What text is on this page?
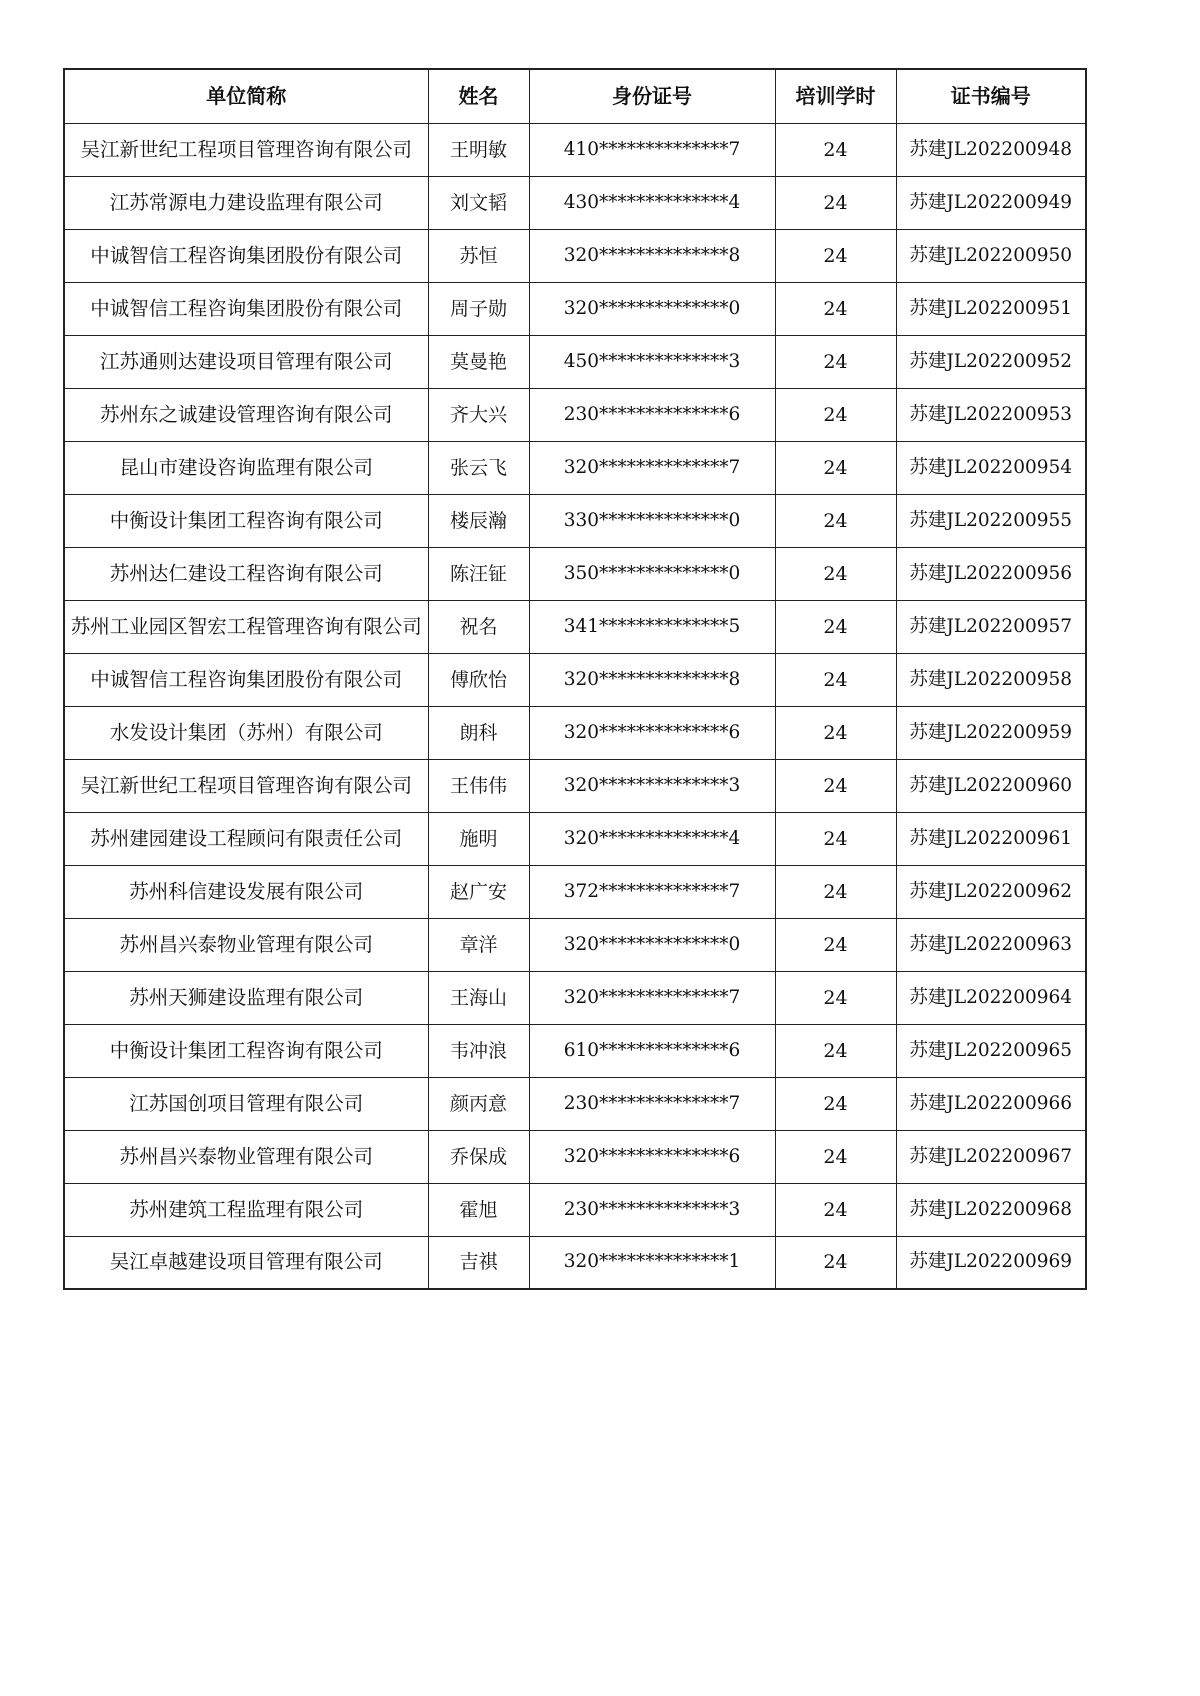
单位简称	姓名	身份证号	培训学时	证书编号
吴江新世纪工程项目管理咨询有限公司	王明敏	410**************7	24	苏建JL202200948
江苏常源电力建设监理有限公司	刘文韬	430**************4	24	苏建JL202200949
中诚智信工程咨询集团股份有限公司	苏恒	320**************8	24	苏建JL202200950
中诚智信工程咨询集团股份有限公司	周子勋	320**************0	24	苏建JL202200951
江苏通则达建设项目管理有限公司	莫曼艳	450**************3	24	苏建JL202200952
苏州东之诚建设管理咨询有限公司	齐大兴	230**************6	24	苏建JL202200953
昆山市建设咨询监理有限公司	张云飞	320**************7	24	苏建JL202200954
中衡设计集团工程咨询有限公司	楼辰瀚	330**************0	24	苏建JL202200955
苏州达仁建设工程咨询有限公司	陈汪钲	350**************0	24	苏建JL202200956
苏州工业园区智宏工程管理咨询有限公司	祝名	341**************5	24	苏建JL202200957
中诚智信工程咨询集团股份有限公司	傅欣怡	320**************8	24	苏建JL202200958
水发设计集团（苏州）有限公司	朗科	320**************6	24	苏建JL202200959
吴江新世纪工程项目管理咨询有限公司	王伟伟	320**************3	24	苏建JL202200960
苏州建园建设工程顾问有限责任公司	施明	320**************4	24	苏建JL202200961
苏州科信建设发展有限公司	赵广安	372**************7	24	苏建JL202200962
苏州昌兴泰物业管理有限公司	章洋	320**************0	24	苏建JL202200963
苏州天狮建设监理有限公司	王海山	320**************7	24	苏建JL202200964
中衡设计集团工程咨询有限公司	韦冲浪	610**************6	24	苏建JL202200965
江苏国创项目管理有限公司	颜丙意	230**************7	24	苏建JL202200966
苏州昌兴泰物业管理有限公司	乔保成	320**************6	24	苏建JL202200967
苏州建筑工程监理有限公司	霍旭	230**************3	24	苏建JL202200968
吴江卓越建设项目管理有限公司	吉祺	320**************1	24	苏建JL202200969
